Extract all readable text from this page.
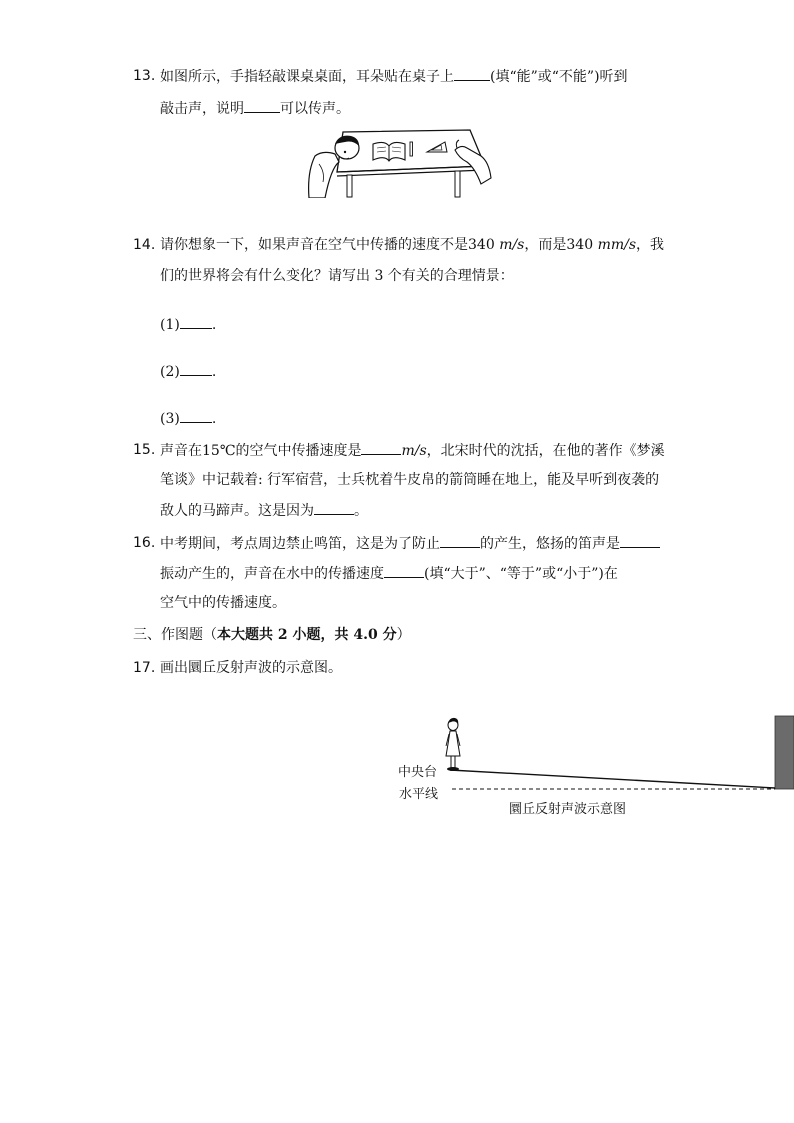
13. 如图所示，手指轻敲课桌桌面，耳朵贴在桌子上	(填“能”或“不能”)听到
敲击声，说明	可以传声。
14. 请你想象一下，如果声音在空气中传播的速度不是340 m/s，而是340 mm/s，我
们的世界将会有什么变化？请写出 3 个有关的合理情景：
(1) .
(2) .
(3) .
15. 声音在15℃的空气中传播速度是	m/s，北宋时代的沈括，在他的著作《梦溪
笔谈》中记载着: 行军宿营，士兵枕着牛皮帛的箭筒睡在地上，能及早听到夜袭的
敌人的马蹄声。这是因为	。
16. 中考期间，考点周边禁止鸣笛，这是为了防止	的产生，悠扬的笛声是
振动产生的，声音在水中的传播速度	(填“大于”、“等于”或“小于”)在
空气中的传播速度。
三、作图题（本大题共 2 小题，共 4.0 分）
17. 画出圜丘反射声波的示意图。
中央台
水平线
圜丘反射声波示意图
